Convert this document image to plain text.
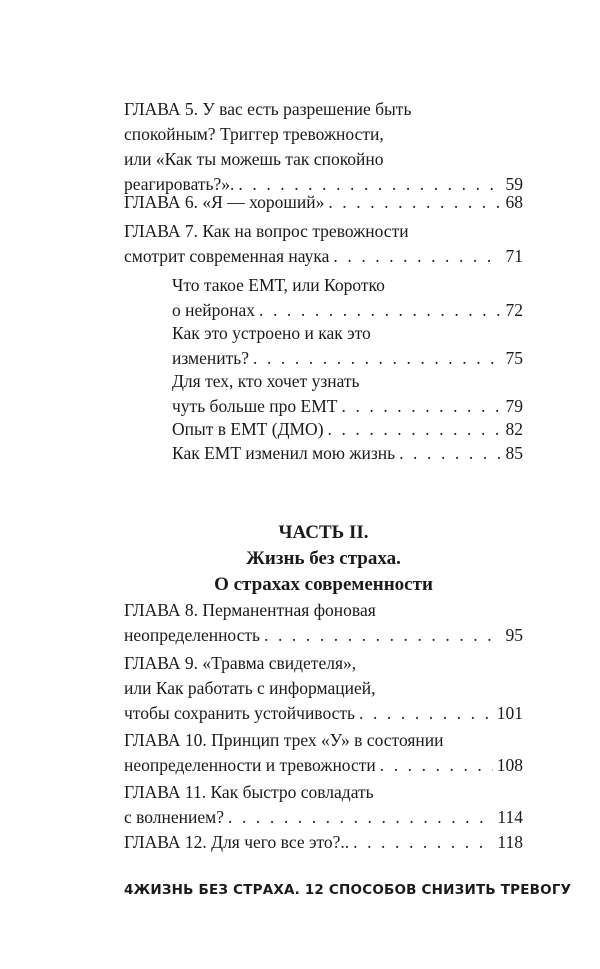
ГЛАВА 5. У вас есть разрешение быть
спокойным? Триггер тревожности,
или «Как ты можешь так спокойно
реагировать?». . . .	59
ГЛАВА 6. «Я — хороший» . . .	68
ГЛАВА 7. Как на вопрос тревожности
смотрит современная наука . . .	71
Что такое ЕМТ, или Коротко
о нейронах . . .	72
Как это устроено и как это
изменить? . . .	75
Для тех, кто хочет узнать
чуть больше про ЕМТ . . .	79
Опыт в ЕМТ (ДМО) . . .	82
Как ЕМТ изменил мою жизнь . . .	85
ЧАСТЬ II.
Жизнь без страха.
О страхах современности
ГЛАВА 8. Перманентная фоновая
неопределенность . . .	95
ГЛАВА 9. «Травма свидетеля»,
или Как работать с информацией,
чтобы сохранить устойчивость . . .	101
ГЛАВА 10. Принцип трех «У» в состоянии
неопределенности и тревожности . . .	108
ГЛАВА 11. Как быстро совладать
с волнением? . . .	114
ГЛАВА 12. Для чего все это?.. . . .	118
4 ЖИЗНЬ БЕЗ СТРАХА. 12 СПОСОБОВ СНИЗИТЬ ТРЕВОГУ
